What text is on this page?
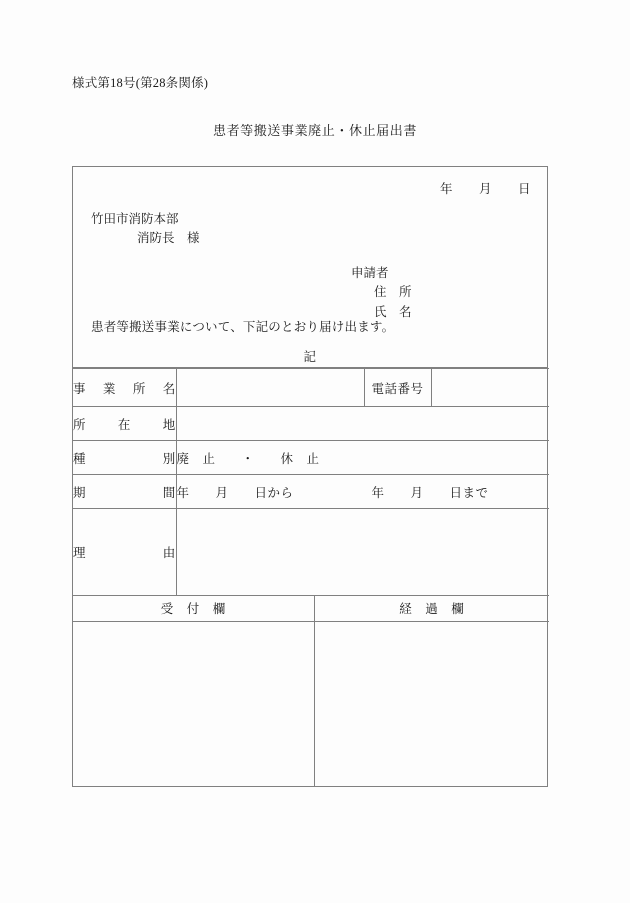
様式第18号(第28条関係)
患者等搬送事業廃止・休止届出書
年　　月　　日
竹田市消防本部
消防長　様
申請者
住　所
氏　名
患者等搬送事業について、下記のとおり届け出ます。
記
事業所名		電話番号	
所在地			
種別	廃　止　　・　　休　止		
期間	年　　月　　日から 年　　月　　日まで		
理由			
受　付　欄	経　過　欄
